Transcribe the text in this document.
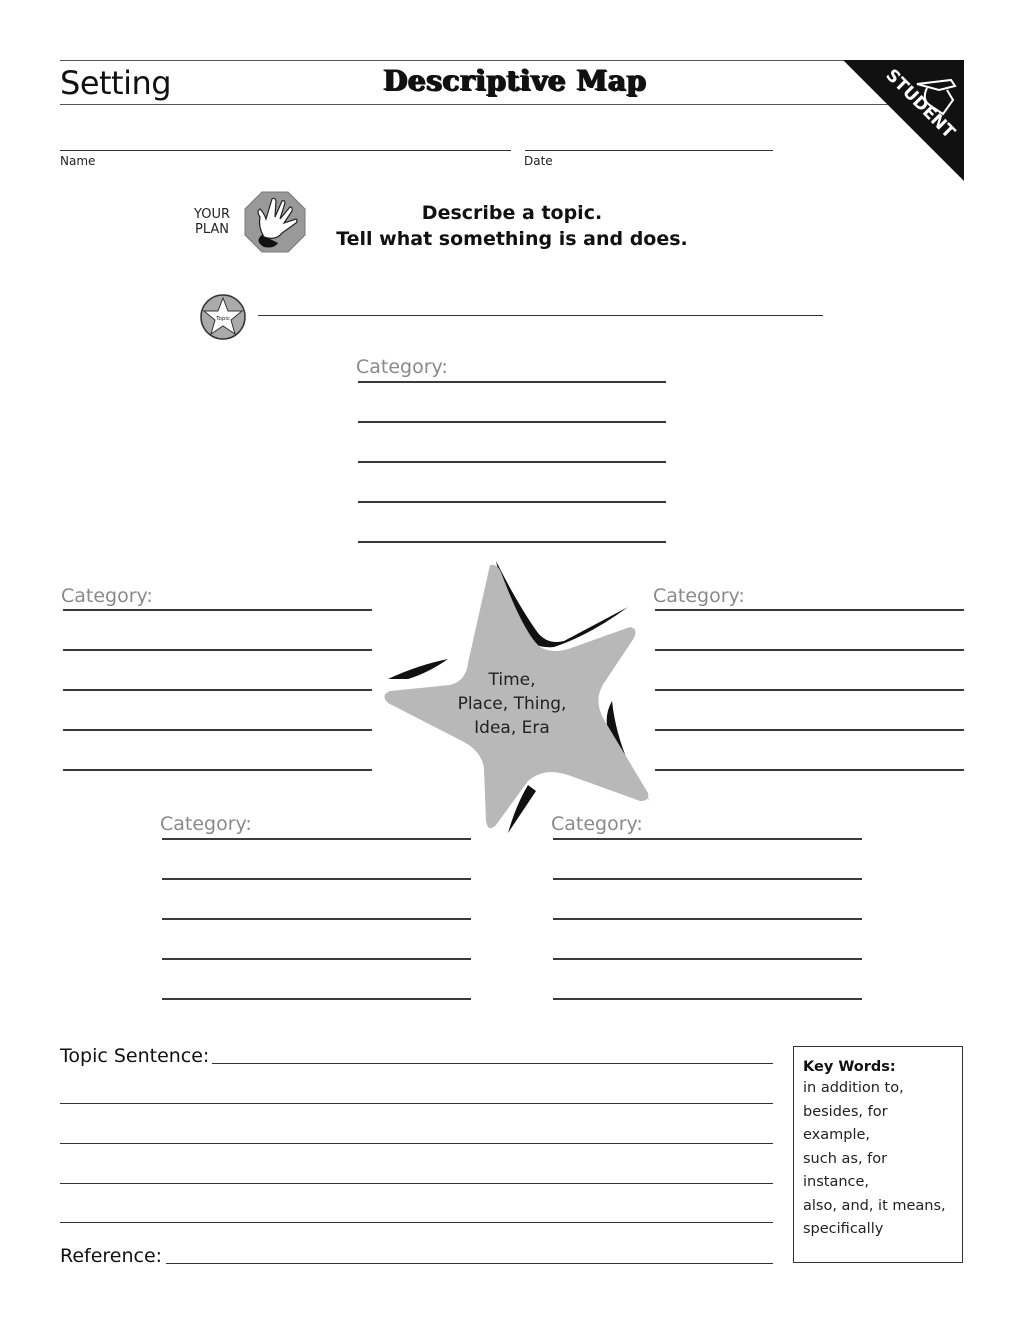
Setting	Descriptive Map	STUDENT
Name	Date
YOUR
PLAN
Describe a topic.
Tell what something is and does.
Topic
Category:
Category:	Category:
Time,
Place, Thing,
Idea, Era
Category:	Category:
Topic Sentence:
Reference:
Key Words:
in addition to,
besides, for example,
such as, for instance,
also, and, it means,
specifically
